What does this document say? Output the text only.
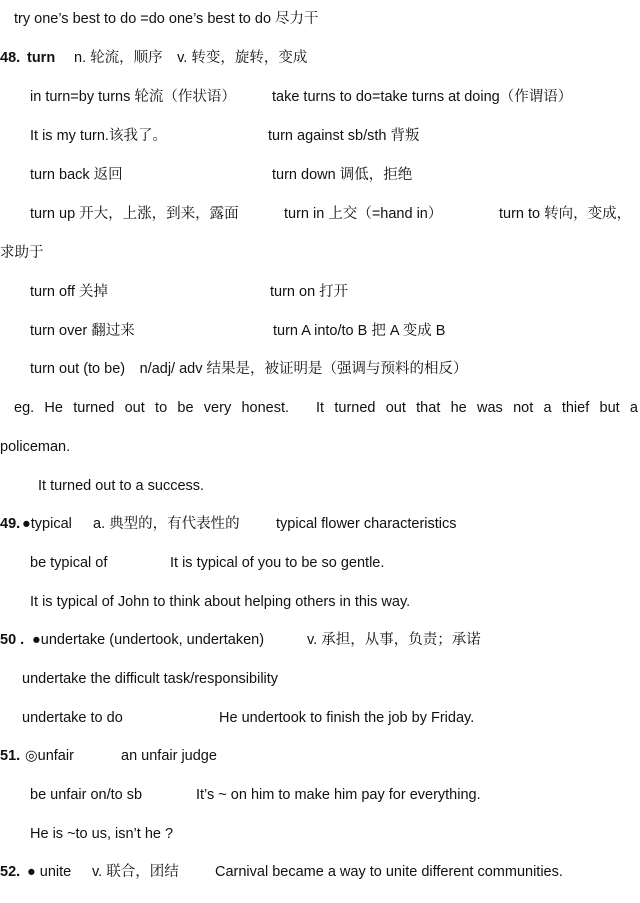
try one’s best to do =do one’s best to do 尽力干
48. turn n. 轮流，顺序　v. 转变，旋转，变成
in turn=by turns 轮流（作状语） take turns to do=take turns at doing（作谓语）
It is my turn.该我了。	turn against sb/sth 背叛
turn back 返回	turn down 调低，拒绝
turn up 开大，上涨，到来，露面	turn in 上交（=hand in）	turn to 转向，变成，
求助于
turn off 关掉	turn on 打开
turn over 翻过来	turn A into/to B 把 A 变成 B
turn out (to be)　n/adj/ adv 结果是，被证明是（强调与预料的相反）
eg. He turned out to be very honest.　It turned out that he was not a thief but a
policeman.
It turned out to a success.
49. ●typical a. 典型的，有代表性的	typical flower characteristics
be typical of	It is typical of you to be so gentle.
It is typical of John to think about helping others in this way.
50 . ●undertake (undertook, undertaken)	v. 承担，从事，负责；承诺
undertake the difficult task/responsibility
undertake to do	He undertook to finish the job by Friday.
51. ◎unfair	an unfair judge
be unfair on/to sb	It’s ~ on him to make him pay for everything.
He is ~to us, isn’t he ?
52. ● unite v. 联合，团结	Carnival became a way to unite different communities.
